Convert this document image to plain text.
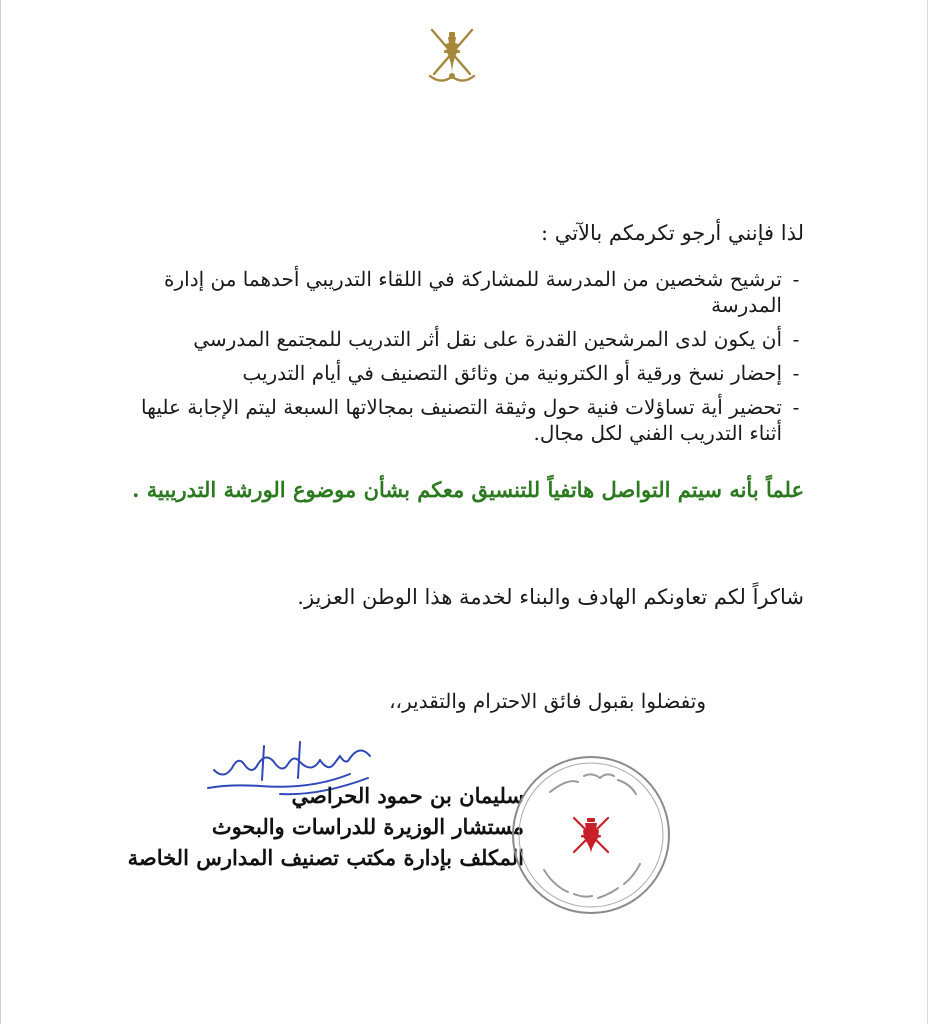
لذا فإنني أرجو تكرمكم بالآتي :
-
ترشيح شخصين من المدرسة للمشاركة في اللقاء التدريبي أحدهما من إدارة المدرسة
-
أن يكون لدى المرشحين القدرة على نقل أثر التدريب للمجتمع المدرسي
-
إحضار نسخ ورقية أو الكترونية من وثائق التصنيف في أيام التدريب
-
تحضير أية تساؤلات فنية حول وثيقة التصنيف بمجالاتها السبعة ليتم الإجابة عليها أثناء التدريب الفني لكل مجال.
علماً بأنه سيتم التواصل هاتفياً للتنسيق معكم بشأن موضوع الورشة التدريبية .
شاكراً لكم تعاونكم الهادف والبناء لخدمة هذا الوطن العزيز.
وتفضلوا بقبول فائق الاحترام والتقدير،،
سليمان بن حمود الحراصي
مستشار الوزيرة للدراسات والبحوث
المكلف بإدارة مكتب تصنيف المدارس الخاصة
